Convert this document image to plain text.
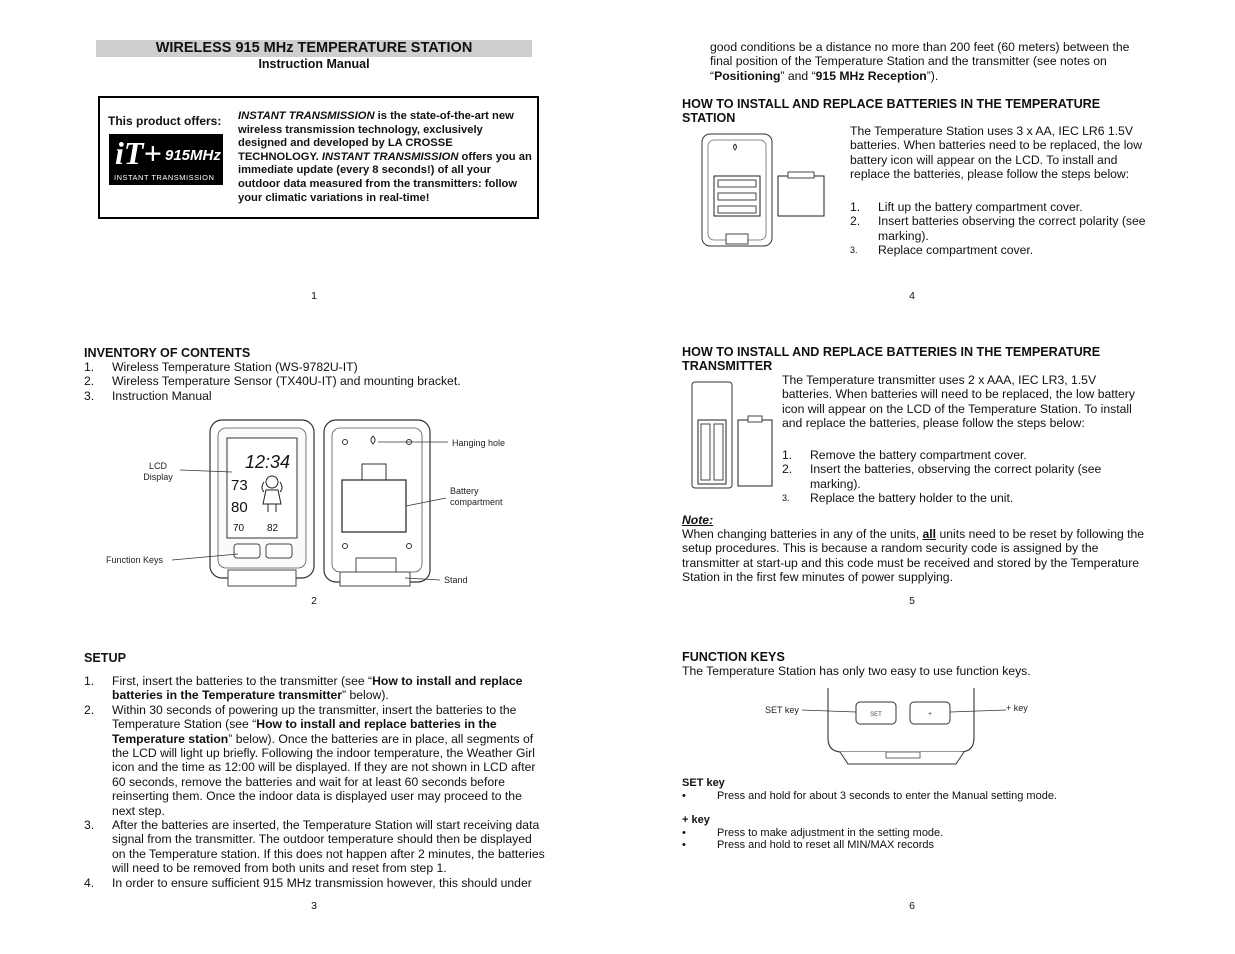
WIRELESS 915 MHz TEMPERATURE STATION
Instruction Manual
This product offers:
iT+ 915MHz
INSTANT TRANSMISSION
INSTANT TRANSMISSION is the state-of-the-art new wireless transmission technology, exclusively designed and developed by LA CROSSE TECHNOLOGY. INSTANT TRANSMISSION offers you an immediate update (every 8 seconds!) of all your outdoor data measured from the transmitters: follow your climatic variations in real-time!
1
INVENTORY OF CONTENTS
1. Wireless Temperature Station (WS-9782U-IT)
2. Wireless Temperature Sensor (TX40U-IT) and mounting bracket.
3. Instruction Manual
12:34
73
80
70 82
LCD
Display
Function Keys
Hanging hole
Battery
compartment
Stand
2
SETUP
1. First, insert the batteries to the transmitter (see “How to install and replace batteries in the Temperature transmitter” below).
2. Within 30 seconds of powering up the transmitter, insert the batteries to the Temperature Station (see “How to install and replace batteries in the Temperature station” below). Once the batteries are in place, all segments of the LCD will light up briefly. Following the indoor temperature, the Weather Girl icon and the time as 12:00 will be displayed. If they are not shown in LCD after 60 seconds, remove the batteries and wait for at least 60 seconds before reinserting them. Once the indoor data is displayed user may proceed to the next step.
3. After the batteries are inserted, the Temperature Station will start receiving data signal from the transmitter. The outdoor temperature should then be displayed on the Temperature station. If this does not happen after 2 minutes, the batteries will need to be removed from both units and reset from step 1.
4. In order to ensure sufficient 915 MHz transmission however, this should under
3
good conditions be a distance no more than 200 feet (60 meters) between the final position of the Temperature Station and the transmitter (see notes on “Positioning” and “915 MHz Reception”).
HOW TO INSTALL AND REPLACE BATTERIES IN THE TEMPERATURE
STATION
The Temperature Station uses 3 x AA, IEC LR6 1.5V batteries. When batteries need to be replaced, the low battery icon will appear on the LCD. To install and replace the batteries, please follow the steps below:
1. Lift up the battery compartment cover.
2. Insert batteries observing the correct polarity (see marking).
3. Replace compartment cover.
4
HOW TO INSTALL AND REPLACE BATTERIES IN THE TEMPERATURE
TRANSMITTER
The Temperature transmitter uses 2 x AAA, IEC LR3, 1.5V batteries. When batteries will need to be replaced, the low battery icon will appear on the LCD of the Temperature Station. To install and replace the batteries, please follow the steps below:
1. Remove the battery compartment cover.
2. Insert the batteries, observing the correct polarity (see marking).
3. Replace the battery holder to the unit.
Note:
When changing batteries in any of the units, all units need to be reset by following the setup procedures. This is because a random security code is assigned by the transmitter at start-up and this code must be received and stored by the Temperature Station in the first few minutes of power supplying.
5
FUNCTION KEYS
The Temperature Station has only two easy to use function keys.
SET	+
SET key	+ key
SET key
•	Press and hold for about 3 seconds to enter the Manual setting mode.
+ key
•	Press to make adjustment in the setting mode.
•	Press and hold to reset all MIN/MAX records
6
